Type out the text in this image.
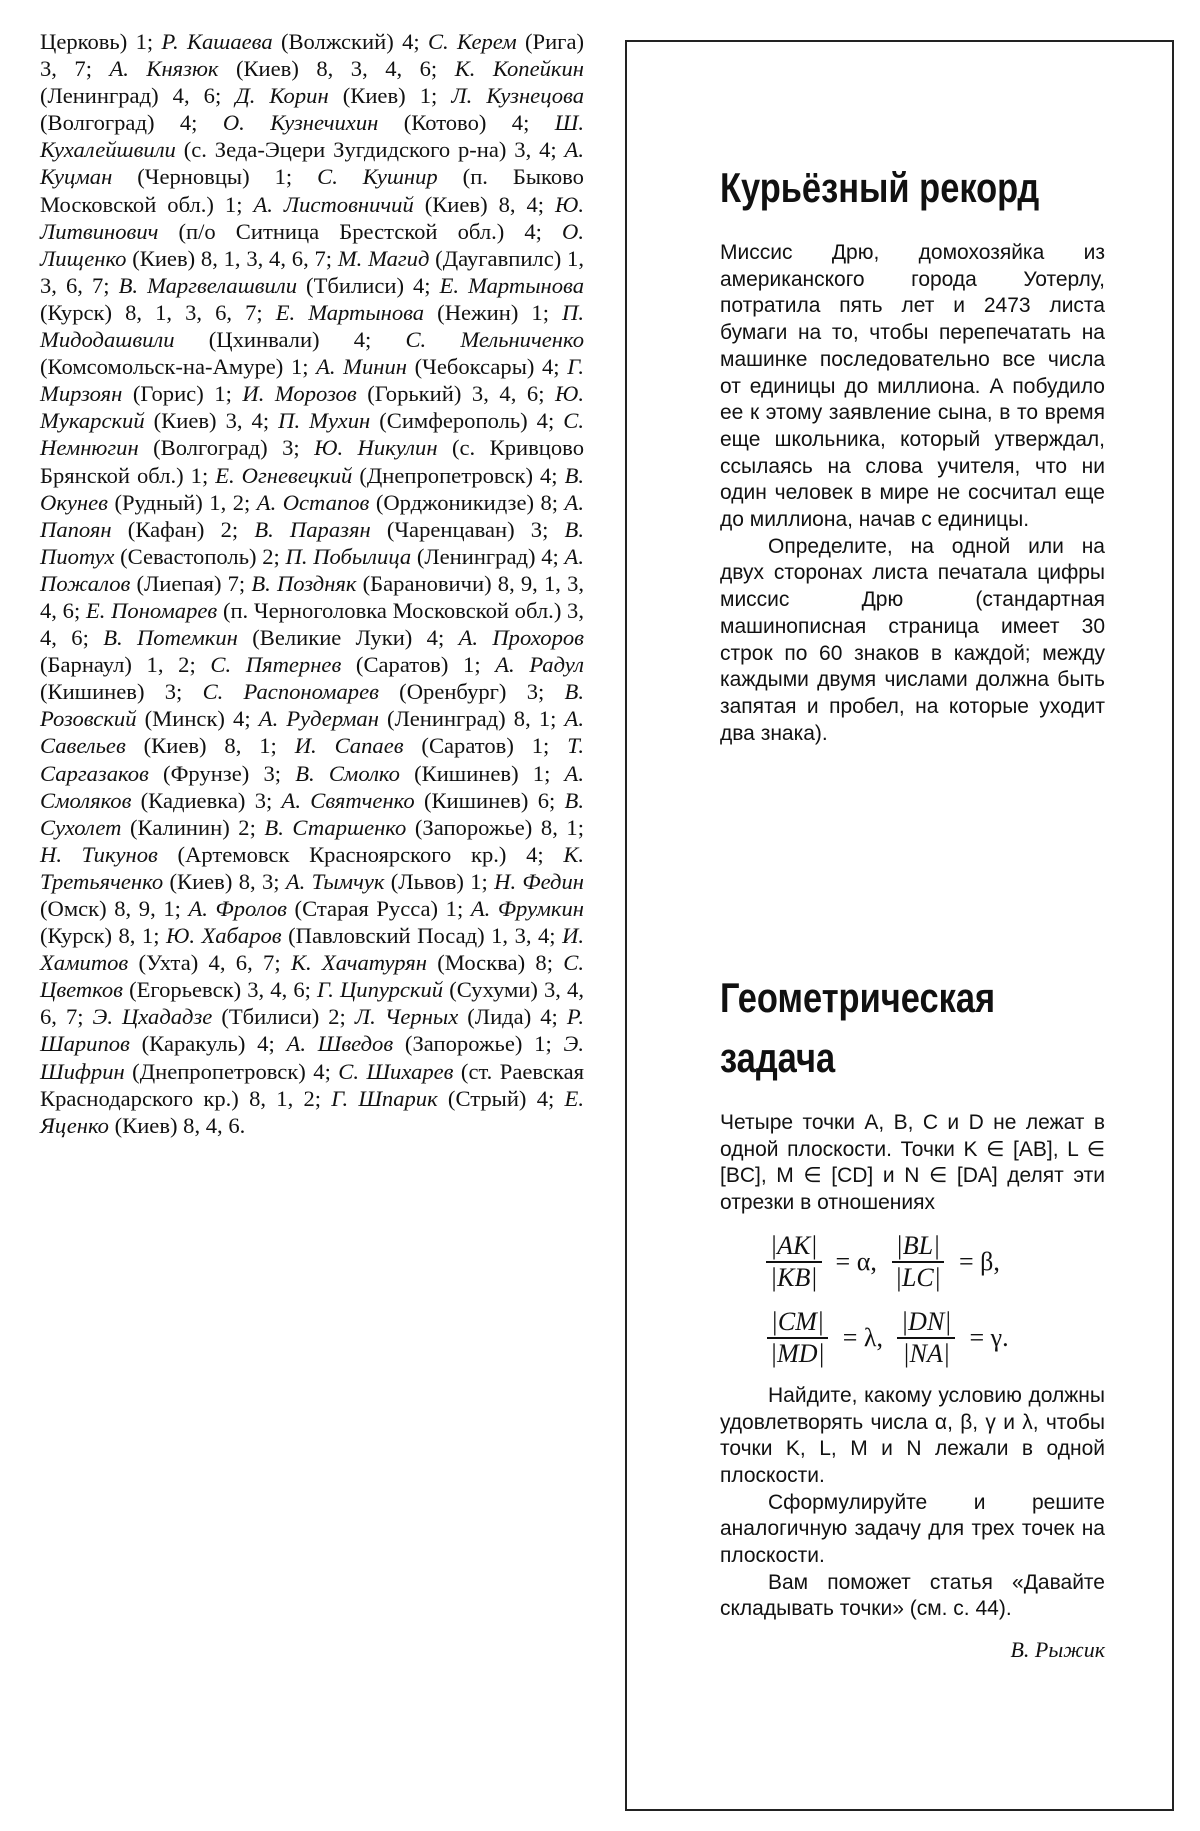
Церковь) 1; Р. Кашаева (Волжский) 4; С. Керем (Рига) 3, 7; А. Князюк (Киев) 8, 3, 4, 6; К. Копейкин (Ленинград) 4, 6; Д. Корин (Киев) 1; Л. Кузнецова (Волгоград) 4; О. Кузнечихин (Котово) 4; Ш. Кухалейшвили (с. Зеда-Эцери Зугдидского р-на) 3, 4; А. Куцман (Черновцы) 1; С. Кушнир (п. Быково Московской обл.) 1; А. Листовничий (Киев) 8, 4; Ю. Литвинович (п/о Ситница Брестской обл.) 4; О. Лищенко (Киев) 8, 1, 3, 4, 6, 7; М. Магид (Даугавпилс) 1, 3, 6, 7; В. Маргвелашвили (Тбилиси) 4; Е. Мартынова (Курск) 8, 1, 3, 6, 7; Е. Мартынова (Нежин) 1; П. Мидодашвили (Цхинвали) 4; С. Мельниченко (Комсомольск-на-Амуре) 1; А. Минин (Чебоксары) 4; Г. Мирзоян (Горис) 1; И. Морозов (Горький) 3, 4, 6; Ю. Мукарский (Киев) 3, 4; П. Мухин (Симферополь) 4; С. Немнюгин (Волгоград) 3; Ю. Никулин (с. Кривцово Брянской обл.) 1; Е. Огневецкий (Днепропетровск) 4; В. Окунев (Рудный) 1, 2; А. Остапов (Орджоникидзе) 8; А. Папоян (Кафан) 2; В. Паразян (Чаренцаван) 3; В. Пиотух (Севастополь) 2; П. Побылица (Ленинград) 4; А. Пожалов (Лиепая) 7; В. Поздняк (Барановичи) 8, 9, 1, 3, 4, 6; Е. Пономарев (п. Черноголовка Московской обл.) 3, 4, 6; В. Потемкин (Великие Луки) 4; А. Прохоров (Барнаул) 1, 2; С. Пятернев (Саратов) 1; А. Радул (Кишинев) 3; С. Распономарев (Оренбург) 3; В. Розовский (Минск) 4; А. Рудерман (Ленинград) 8, 1; А. Савельев (Киев) 8, 1; И. Сапаев (Саратов) 1; Т. Саргазаков (Фрунзе) 3; В. Смолко (Кишинев) 1; А. Смоляков (Кадиевка) 3; А. Святченко (Кишинев) 6; В. Сухолет (Калинин) 2; В. Старшенко (Запорожье) 8, 1; Н. Тикунов (Артемовск Красноярского кр.) 4; К. Третьяченко (Киев) 8, 3; А. Тымчук (Львов) 1; Н. Федин (Омск) 8, 9, 1; А. Фролов (Старая Русса) 1; А. Фрумкин (Курск) 8, 1; Ю. Хабаров (Павловский Посад) 1, 3, 4; И. Хамитов (Ухта) 4, 6, 7; К. Хачатурян (Москва) 8; С. Цветков (Егорьевск) 3, 4, 6; Г. Ципурский (Сухуми) 3, 4, 6, 7; Э. Цхададзе (Тбилиси) 2; Л. Черных (Лида) 4; Р. Шарипов (Каракуль) 4; А. Шведов (Запорожье) 1; Э. Шифрин (Днепропетровск) 4; С. Шихарев (ст. Раевская Краснодарского кр.) 8, 1, 2; Г. Шпарик (Стрый) 4; Е. Яценко (Киев) 8, 4, 6.

Курьёзный рекорд

Миссис Дрю, домохозяйка из американского города Уотерлу, потратила пять лет и 2473 листа бумаги на то, чтобы перепечатать на машинке последовательно все числа от единицы до миллиона. А побудило ее к этому заявление сына, в то время еще школьника, который утверждал, ссылаясь на слова учителя, что ни один человек в мире не сосчитал еще до миллиона, начав с единицы.

Определите, на одной или на двух сторонах листа печатала цифры миссис Дрю (стандартная машинописная страница имеет 30 строк по 60 знаков в каждой; между каждыми двумя числами должна быть запятая и пробел, на которые уходит два знака).

Геометрическая
задача

Четыре точки A, B, C и D не лежат в одной плоскости. Точки K ∈ [AB], L ∈ [BC], M ∈ [CD] и N ∈ [DA] делят эти отрезки в отношениях

$\frac{|AK|}{|KB|} = \alpha$, $\frac{|BL|}{|LC|} = \beta$,
$\frac{|CM|}{|MD|} = \lambda$, $\frac{|DN|}{|NA|} = \gamma$.

Найдите, какому условию должны удовлетворять числа α, β, γ и λ, чтобы точки K, L, M и N лежали в одной плоскости.

Сформулируйте и решите аналогичную задачу для трех точек на плоскости.

Вам поможет статья «Давайте складывать точки» (см. с. 44).

В. Рыжик
